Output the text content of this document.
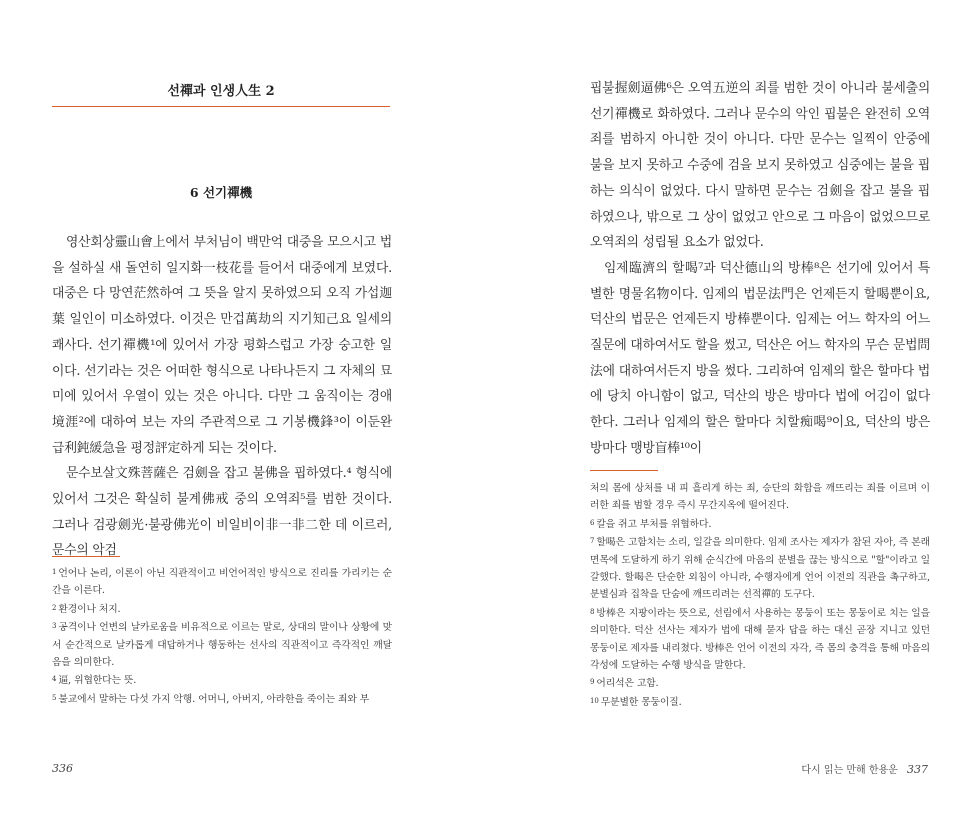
선禪과 인생人生 2
6 선기禪機

영산회상靈山會上에서 부처님이 백만억 대중을 모으시고 법을 설하실 새 돌연히 일지화一枝花를 들어서 대중에게 보였다. 대중은 다 망연茫然하여 그 뜻을 알지 못하였으되 오직 가섭迦葉 일인이 미소하였다. 이것은 만겁萬劫의 지기知己요 일세의 쾌사다. 선기禪機¹에 있어서 가장 평화스럽고 가장 숭고한 일이다. 선기라는 것은 어떠한 형식으로 나타나든지 그 자체의 묘미에 있어서 우열이 있는 것은 아니다. 다만 그 움직이는 경애境涯²에 대하여 보는 자의 주관적으로 그 기봉機鋒³이 이둔완급利鈍緩急을 평정評定하게 되는 것이다.

문수보살文殊菩薩은 검劍을 잡고 불佛을 핍하였다.⁴ 형식에 있어서 그것은 확실히 불계佛戒 중의 오역죄⁵를 범한 것이다. 그러나 검광劍光·불광佛光이 비일비이非一非二한 데 이르러, 문수의 악검

$^1$ 언어나 논리, 이론이 아닌 직관적이고 비언어적인 방식으로 진리를 가리키는 순간을 이른다.
$^2$ 환경이나 처지.
$^3$ 공격이나 언변의 날카로움을 비유적으로 이르는 말로, 상대의 말이나 상황에 맞서 순간적으로 날카롭게 대답하거나 행동하는 선사의 직관적이고 즉각적인 깨달음을 의미한다.
$^4$ 逼, 위협한다는 뜻.
$^5$ 불교에서 말하는 다섯 가지 악행. 어머니, 아버지, 아라한을 죽이는 죄와 부
336

핍불握劍逼佛⁶은 오역五逆의 죄를 범한 것이 아니라 불세출의 선기禪機로 화하였다. 그러나 문수의 악인 핍불은 완전히 오역죄를 범하지 아니한 것이 아니다. 다만 문수는 일찍이 안중에 불을 보지 못하고 수중에 검을 보지 못하였고 심중에는 불을 핍하는 의식이 없었다. 다시 말하면 문수는 검劍을 잡고 불을 핍하였으나, 밖으로 그 상이 없었고 안으로 그 마음이 없었으므로 오역죄의 성립될 요소가 없었다.

임제臨濟의 할喝⁷과 덕산德山의 방棒⁸은 선기에 있어서 특별한 명물名物이다. 임제의 법문法門은 언제든지 할喝뿐이요, 덕산의 법문은 언제든지 방棒뿐이다. 임제는 어느 학자의 어느 질문에 대하여서도 할을 썼고, 덕산은 어느 학자의 무슨 문법問法에 대하여서든지 방을 썼다. 그리하여 임제의 할은 할마다 법에 당치 아니함이 없고, 덕산의 방은 방마다 법에 어김이 없다 한다. 그러나 임제의 할은 할마다 치할痴喝⁹이요, 덕산의 방은 방마다 맹방盲棒¹⁰이

처의 몸에 상처를 내 피 흘리게 하는 죄, 승단의 화합을 깨뜨리는 죄를 이르며 이러한 죄를 범할 경우 즉시 무간지옥에 떨어진다.
$^6$ 칼을 쥐고 부처를 위협하다.
$^7$ 할喝은 고함치는 소리, 일갈을 의미한다. 임제 조사는 제자가 참된 자아, 즉 본래면목에 도달하게 하기 위해 순식간에 마음의 분별을 끊는 방식으로 "할"이라고 일갈했다. 할喝은 단순한 외침이 아니라, 수행자에게 언어 이전의 직관을 촉구하고, 분별심과 집착을 단숨에 깨뜨리려는 선적禪的 도구다.
$^8$ 방棒은 지팡이라는 뜻으로, 선림에서 사용하는 몽둥이 또는 몽둥이로 치는 일을 의미한다. 덕산 선사는 제자가 법에 대해 묻자 답을 하는 대신 곧장 지니고 있던 몽둥이로 제자를 내리쳤다. 방棒은 언어 이전의 자각, 즉 몸의 충격을 통해 마음의 각성에 도달하는 수행 방식을 말한다.
$^9$ 어리석은 고함.
$^{10}$ 무분별한 몽둥이질.
다시 읽는 만해 한용운 337
